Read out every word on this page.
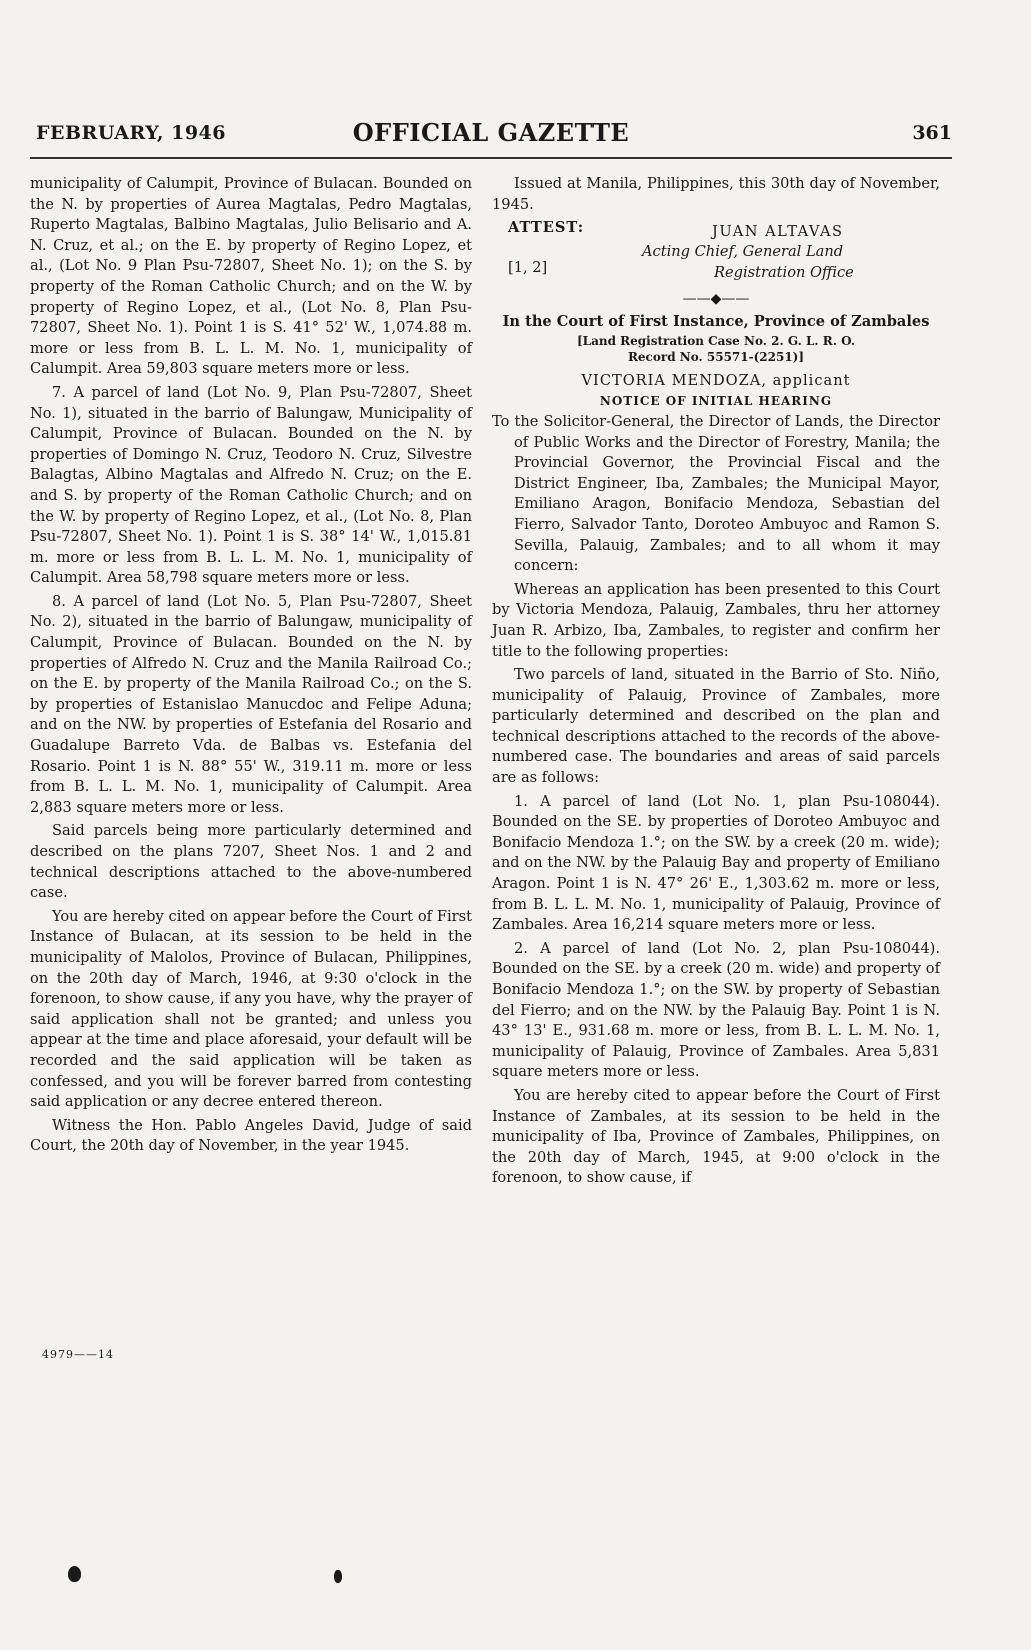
FEBRUARY, 1946	OFFICIAL GAZETTE	361

municipality of Calumpit, Province of Bulacan. Bounded on the N. by properties of Aurea Magtalas, Pedro Magtalas, Ruperto Magtalas, Balbino Magtalas, Julio Belisario and A. N. Cruz, et al.; on the E. by property of Regino Lopez, et al., (Lot No. 9 Plan Psu-72807, Sheet No. 1); on the S. by property of the Roman Catholic Church; and on the W. by property of Regino Lopez, et al., (Lot No. 8, Plan Psu-72807, Sheet No. 1). Point 1 is S. 41° 52' W., 1,074.88 m. more or less from B. L. L. M. No. 1, municipality of Calumpit. Area 59,803 square meters more or less.

7. A parcel of land (Lot No. 9, Plan Psu-72807, Sheet No. 1), situated in the barrio of Balungaw, Municipality of Calumpit, Province of Bulacan. Bounded on the N. by properties of Domingo N. Cruz, Teodoro N. Cruz, Silvestre Balagtas, Albino Magtalas and Alfredo N. Cruz; on the E. and S. by property of the Roman Catholic Church; and on the W. by property of Regino Lopez, et al., (Lot No. 8, Plan Psu-72807, Sheet No. 1). Point 1 is S. 38° 14' W., 1,015.81 m. more or less from B. L. L. M. No. 1, municipality of Calumpit. Area 58,798 square meters more or less.

8. A parcel of land (Lot No. 5, Plan Psu-72807, Sheet No. 2), situated in the barrio of Balungaw, municipality of Calumpit, Province of Bulacan. Bounded on the N. by properties of Alfredo N. Cruz and the Manila Railroad Co.; on the E. by property of the Manila Railroad Co.; on the S. by properties of Estanislao Manucdoc and Felipe Aduna; and on the NW. by properties of Estefania del Rosario and Guadalupe Barreto Vda. de Balbas vs. Estefania del Rosario. Point 1 is N. 88° 55' W., 319.11 m. more or less from B. L. L. M. No. 1, municipality of Calumpit. Area 2,883 square meters more or less.

Said parcels being more particularly determined and described on the plans 7207, Sheet Nos. 1 and 2 and technical descriptions attached to the above-numbered case.

You are hereby cited on appear before the Court of First Instance of Bulacan, at its session to be held in the municipality of Malolos, Province of Bulacan, Philippines, on the 20th day of March, 1946, at 9:30 o'clock in the forenoon, to show cause, if any you have, why the prayer of said application shall not be granted; and unless you appear at the time and place aforesaid, your default will be recorded and the said application will be taken as confessed, and you will be forever barred from contesting said application or any decree entered thereon.

Witness the Hon. Pablo Angeles David, Judge of said Court, the 20th day of November, in the year 1945.

4979——14

Issued at Manila, Philippines, this 30th day of November, 1945.

ATTEST:	JUAN ALTAVAS
Acting Chief, General Land
[1, 2]	Registration Office
——◆——
In the Court of First Instance, Province of Zambales
[Land Registration Case No. 2. G. L. R. O.
Record No. 55571-(2251)]
VICTORIA MENDOZA, applicant
NOTICE OF INITIAL HEARING

To the Solicitor-General, the Director of Lands, the Director of Public Works and the Director of Forestry, Manila; the Provincial Governor, the Provincial Fiscal and the District Engineer, Iba, Zambales; the Municipal Mayor, Emiliano Aragon, Bonifacio Mendoza, Sebastian del Fierro, Salvador Tanto, Doroteo Ambuyoc and Ramon S. Sevilla, Palauig, Zambales; and to all whom it may concern:

Whereas an application has been presented to this Court by Victoria Mendoza, Palauig, Zambales, thru her attorney Juan R. Arbizo, Iba, Zambales, to register and confirm her title to the following properties:

Two parcels of land, situated in the Barrio of Sto. Niño, municipality of Palauig, Province of Zambales, more particularly determined and described on the plan and technical descriptions attached to the records of the above-numbered case. The boundaries and areas of said parcels are as follows:

1. A parcel of land (Lot No. 1, plan Psu-108044). Bounded on the SE. by properties of Doroteo Ambuyoc and Bonifacio Mendoza 1.°; on the SW. by a creek (20 m. wide); and on the NW. by the Palauig Bay and property of Emiliano Aragon. Point 1 is N. 47° 26' E., 1,303.62 m. more or less, from B. L. L. M. No. 1, municipality of Palauig, Province of Zambales. Area 16,214 square meters more or less.

2. A parcel of land (Lot No. 2, plan Psu-108044). Bounded on the SE. by a creek (20 m. wide) and property of Bonifacio Mendoza 1.°; on the SW. by property of Sebastian del Fierro; and on the NW. by the Palauig Bay. Point 1 is N. 43° 13' E., 931.68 m. more or less, from B. L. L. M. No. 1, municipality of Palauig, Province of Zambales. Area 5,831 square meters more or less.

You are hereby cited to appear before the Court of First Instance of Zambales, at its session to be held in the municipality of Iba, Province of Zambales, Philippines, on the 20th day of March, 1945, at 9:00 o'clock in the forenoon, to show cause, if
